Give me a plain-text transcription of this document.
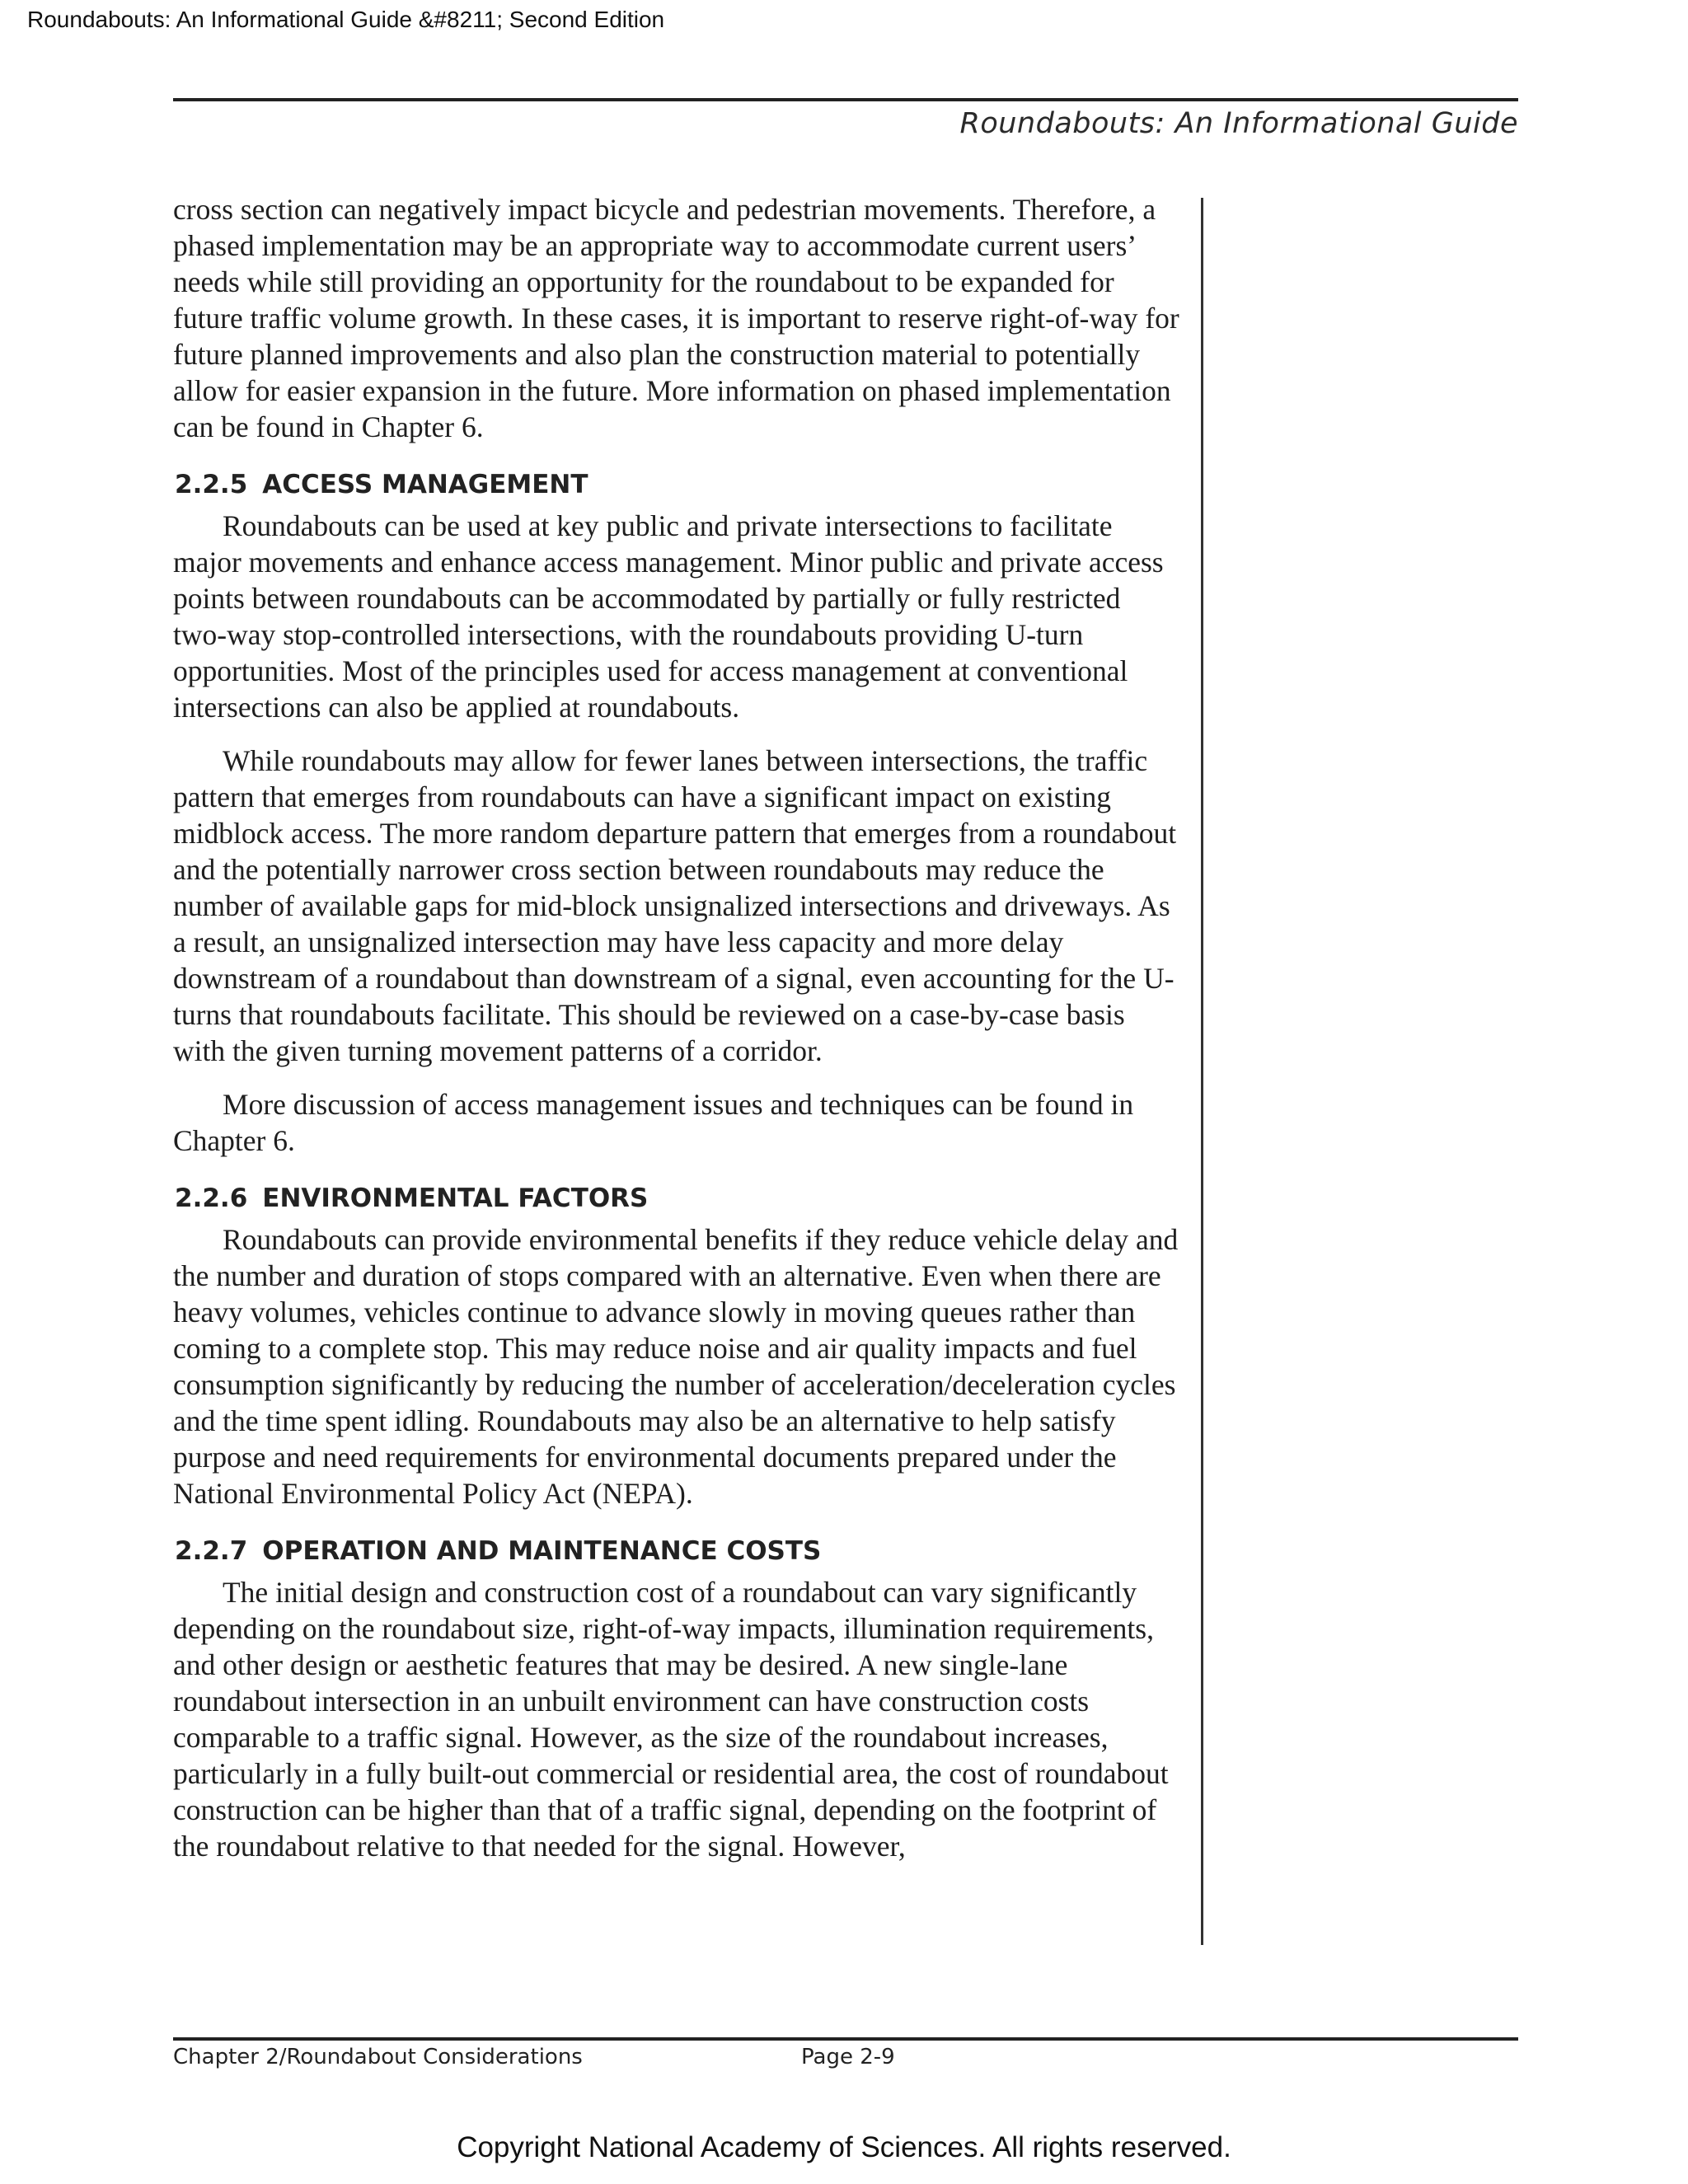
Roundabouts: An Informational Guide &#8211; Second Edition
Roundabouts: An Informational Guide

cross section can negatively impact bicycle and pedestrian movements. Therefore, a phased implementation may be an appropriate way to accommodate current users’ needs while still providing an opportunity for the roundabout to be expanded for future traffic volume growth. In these cases, it is important to reserve right-of-way for future planned improvements and also plan the construction material to potentially allow for easier expansion in the future. More information on phased implementation can be found in Chapter 6.

2.2.5 ACCESS MANAGEMENT

Roundabouts can be used at key public and private intersections to facilitate major movements and enhance access management. Minor public and private access points between roundabouts can be accommodated by partially or fully restricted two-way stop-controlled intersections, with the roundabouts providing U-turn opportunities. Most of the principles used for access management at conventional intersections can also be applied at roundabouts.

While roundabouts may allow for fewer lanes between intersections, the traffic pattern that emerges from roundabouts can have a significant impact on existing midblock access. The more random departure pattern that emerges from a roundabout and the potentially narrower cross section between roundabouts may reduce the number of available gaps for mid-block unsignalized intersections and driveways. As a result, an unsignalized intersection may have less capacity and more delay downstream of a roundabout than downstream of a signal, even accounting for the U-turns that roundabouts facilitate. This should be reviewed on a case-by-case basis with the given turning movement patterns of a corridor.

More discussion of access management issues and techniques can be found in Chapter 6.

2.2.6 ENVIRONMENTAL FACTORS

Roundabouts can provide environmental benefits if they reduce vehicle delay and the number and duration of stops compared with an alternative. Even when there are heavy volumes, vehicles continue to advance slowly in moving queues rather than coming to a complete stop. This may reduce noise and air quality impacts and fuel consumption significantly by reducing the number of acceleration/deceleration cycles and the time spent idling. Roundabouts may also be an alternative to help satisfy purpose and need requirements for environmental documents prepared under the National Environmental Policy Act (NEPA).

2.2.7 OPERATION AND MAINTENANCE COSTS

The initial design and construction cost of a roundabout can vary significantly depending on the roundabout size, right-of-way impacts, illumination requirements, and other design or aesthetic features that may be desired. A new single-lane roundabout intersection in an unbuilt environment can have construction costs comparable to a traffic signal. However, as the size of the roundabout increases, particularly in a fully built-out commercial or residential area, the cost of roundabout construction can be higher than that of a traffic signal, depending on the footprint of the roundabout relative to that needed for the signal. However,

Chapter 2/Roundabout Considerations	Page 2-9
Copyright National Academy of Sciences. All rights reserved.
